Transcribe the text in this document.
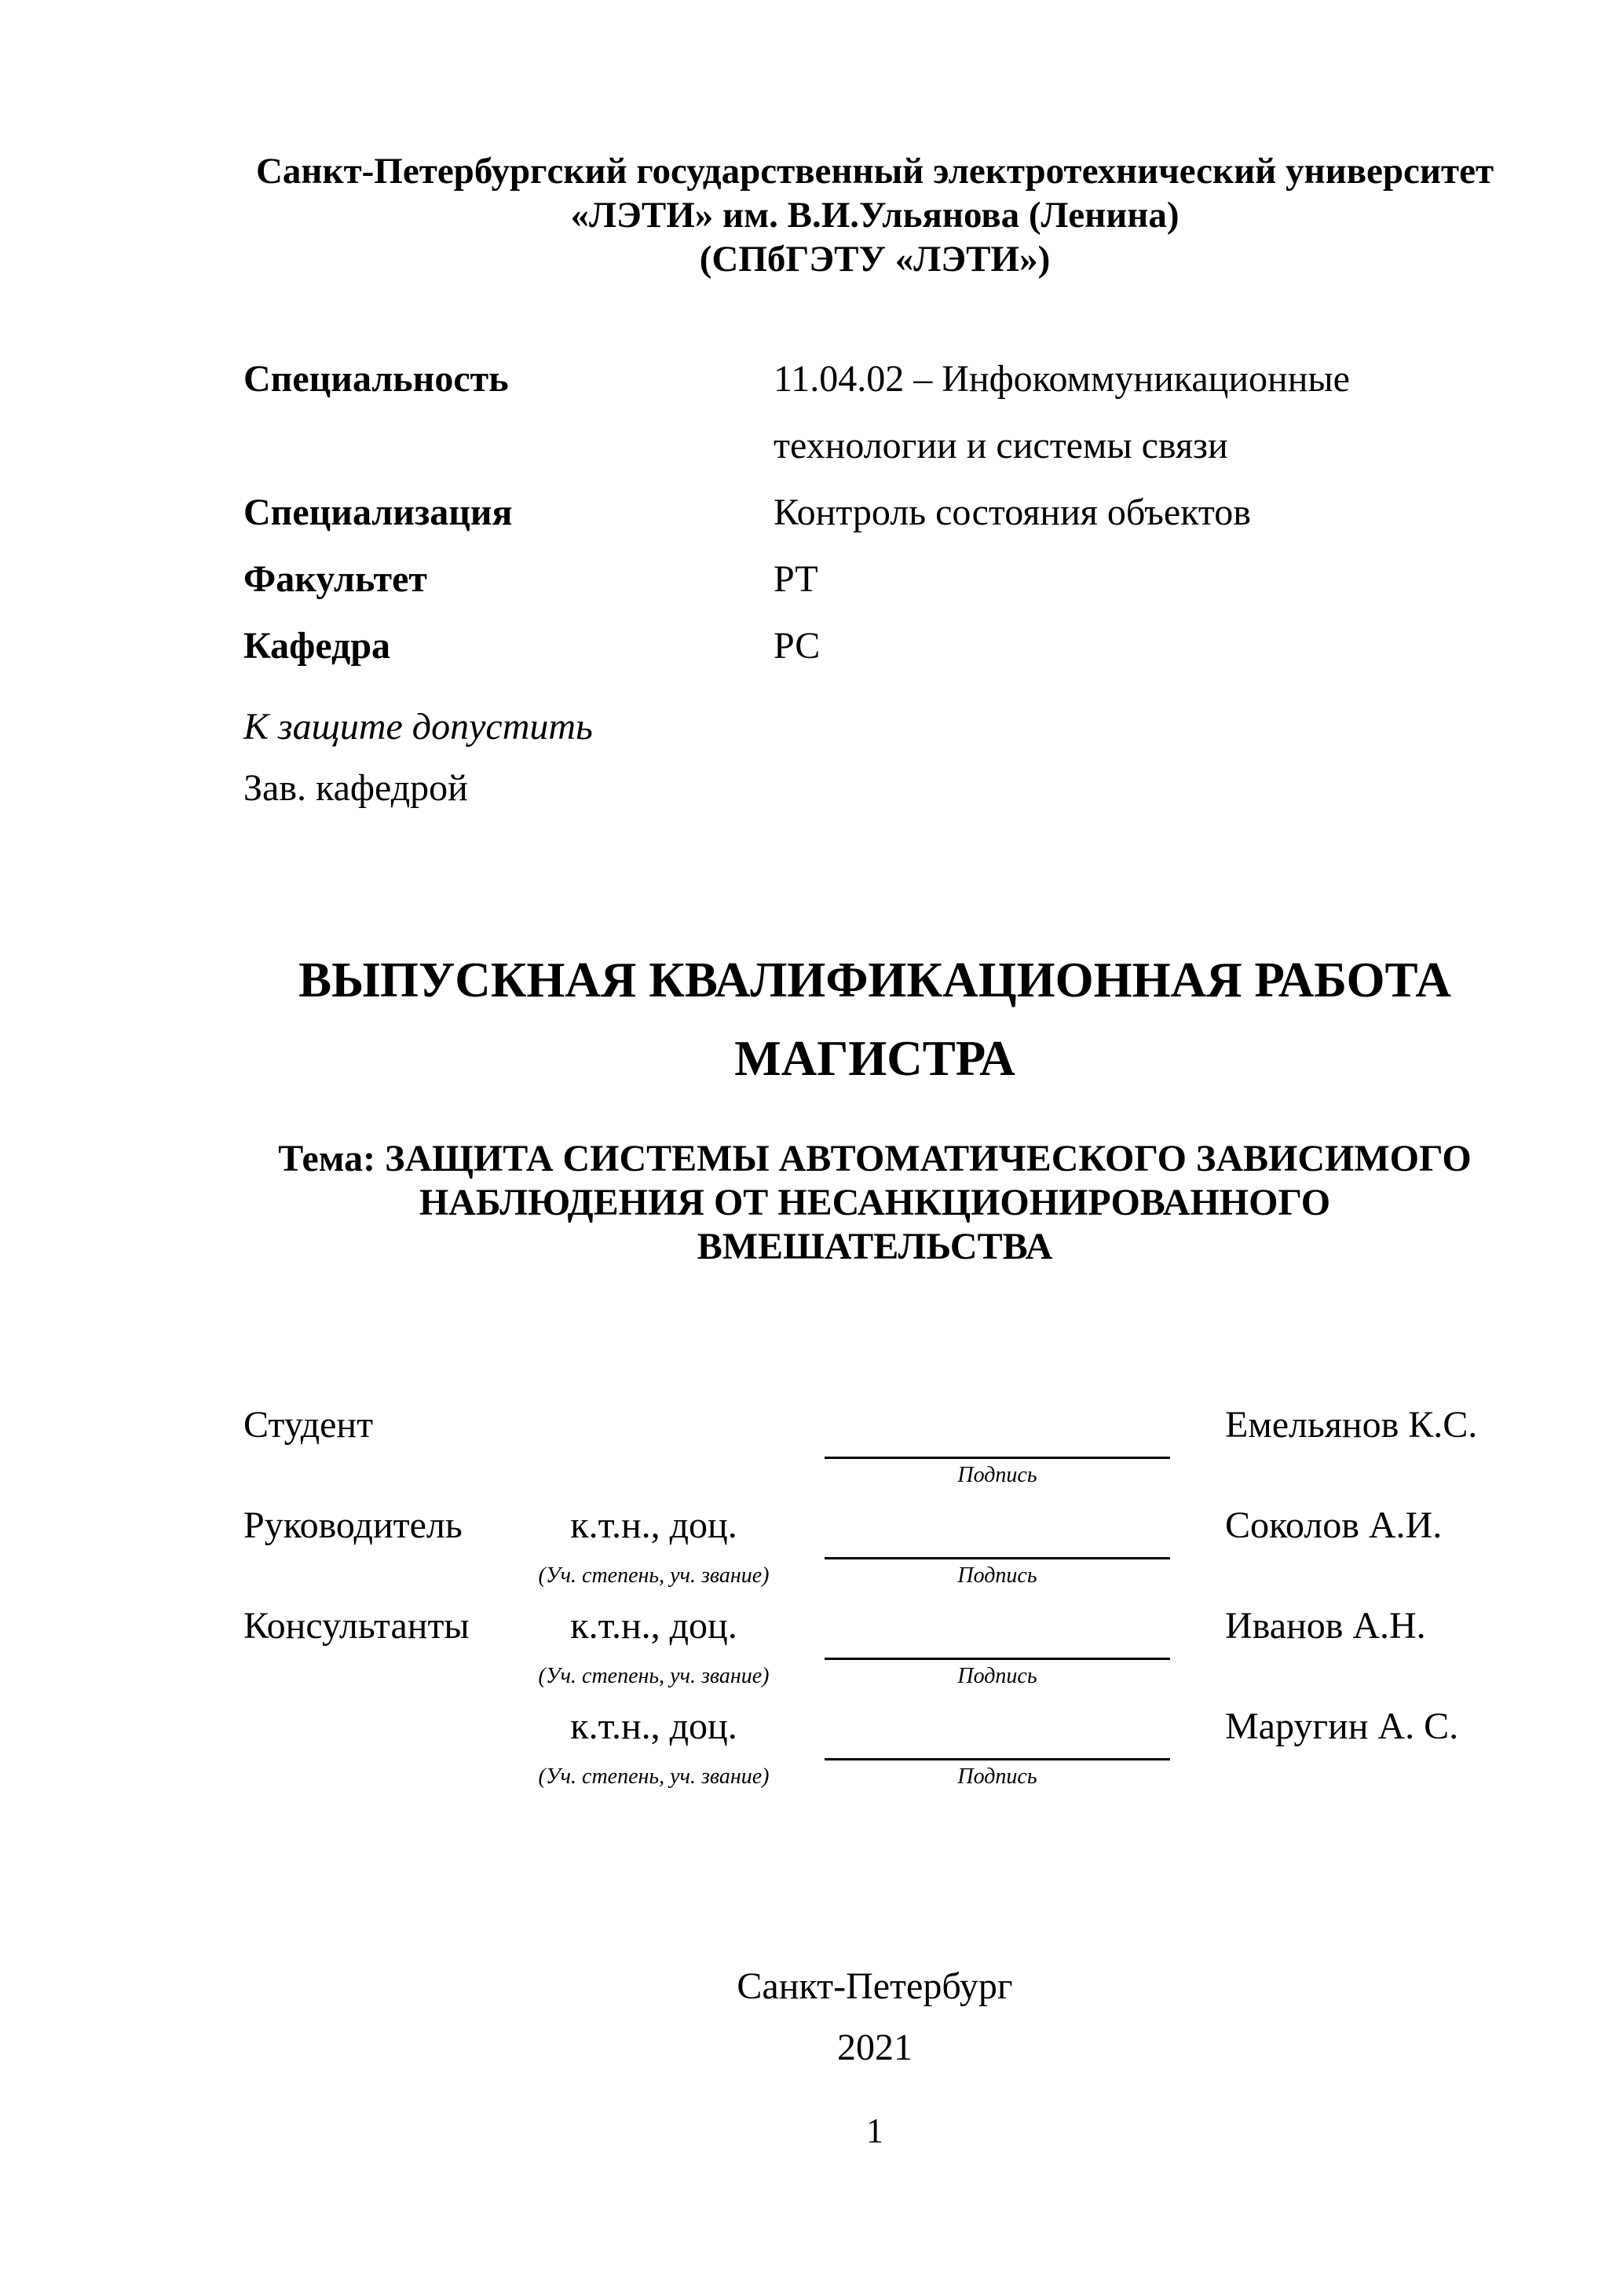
Санкт-Петербургский государственный электротехнический университет
«ЛЭТИ» им. В.И.Ульянова (Ленина)
(СПбГЭТУ «ЛЭТИ»)
Специальность	11.04.02 – Инфокоммуникационные
технологии и системы связи
Специализация	Контроль состояния объектов
Факультет	РТ
Кафедра	РС
К защите допустить
Зав. кафедрой
ВЫПУСКНАЯ КВАЛИФИКАЦИОННАЯ РАБОТА
МАГИСТРА
Тема: ЗАЩИТА СИСТЕМЫ АВТОМАТИЧЕСКОГО ЗАВИСИМОГО
НАБЛЮДЕНИЯ ОТ НЕСАНКЦИОНИРОВАННОГО
ВМЕШАТЕЛЬСТВА
Студент	Емельянов К.С.
Подпись
Руководитель	к.т.н., доц.	Соколов А.И.
(Уч. степень, уч. звание)	Подпись
Консультанты	к.т.н., доц.	Иванов А.Н.
(Уч. степень, уч. звание)	Подпись
к.т.н., доц.	Маругин А. С.
(Уч. степень, уч. звание)	Подпись
Санкт-Петербург
2021
1
